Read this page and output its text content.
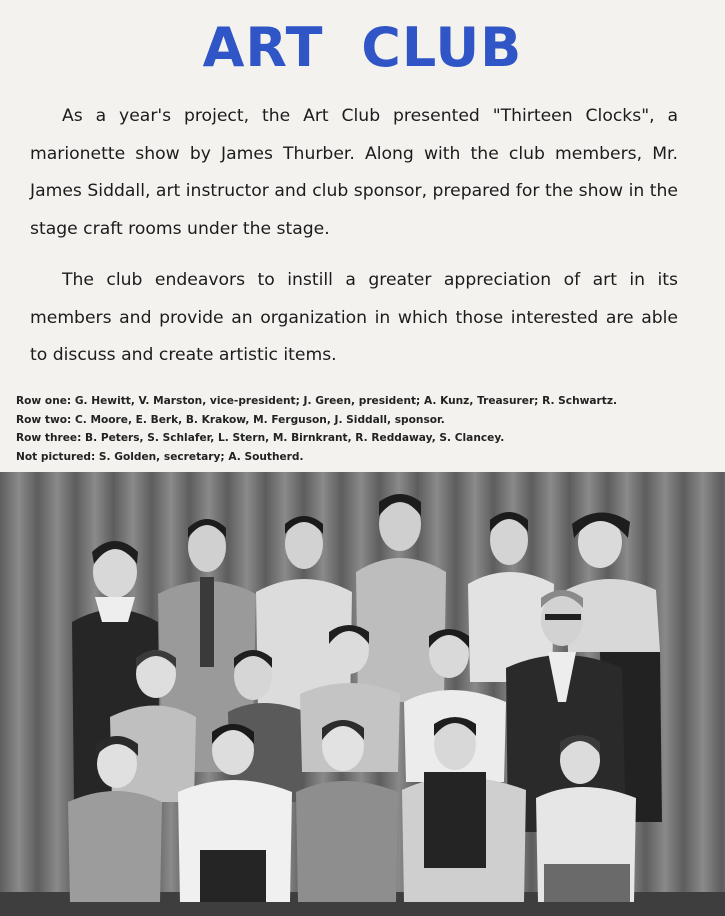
ART CLUB

As a year's project, the Art Club presented "Thirteen Clocks", a marionette show by James Thurber. Along with the club members, Mr. James Siddall, art instructor and club sponsor, prepared for the show in the stage craft rooms under the stage.

The club endeavors to instill a greater appreciation of art in its members and provide an organization in which those interested are able to discuss and create artistic items.

Row one: G. Hewitt, V. Marston, vice-president; J. Green, president; A. Kunz, Treasurer; R. Schwartz.
Row two: C. Moore, E. Berk, B. Krakow, M. Ferguson, J. Siddall, sponsor.
Row three: B. Peters, S. Schlafer, L. Stern, M. Birnkrant, R. Reddaway, S. Clancey.
Not pictured: S. Golden, secretary; A. Southerd.
